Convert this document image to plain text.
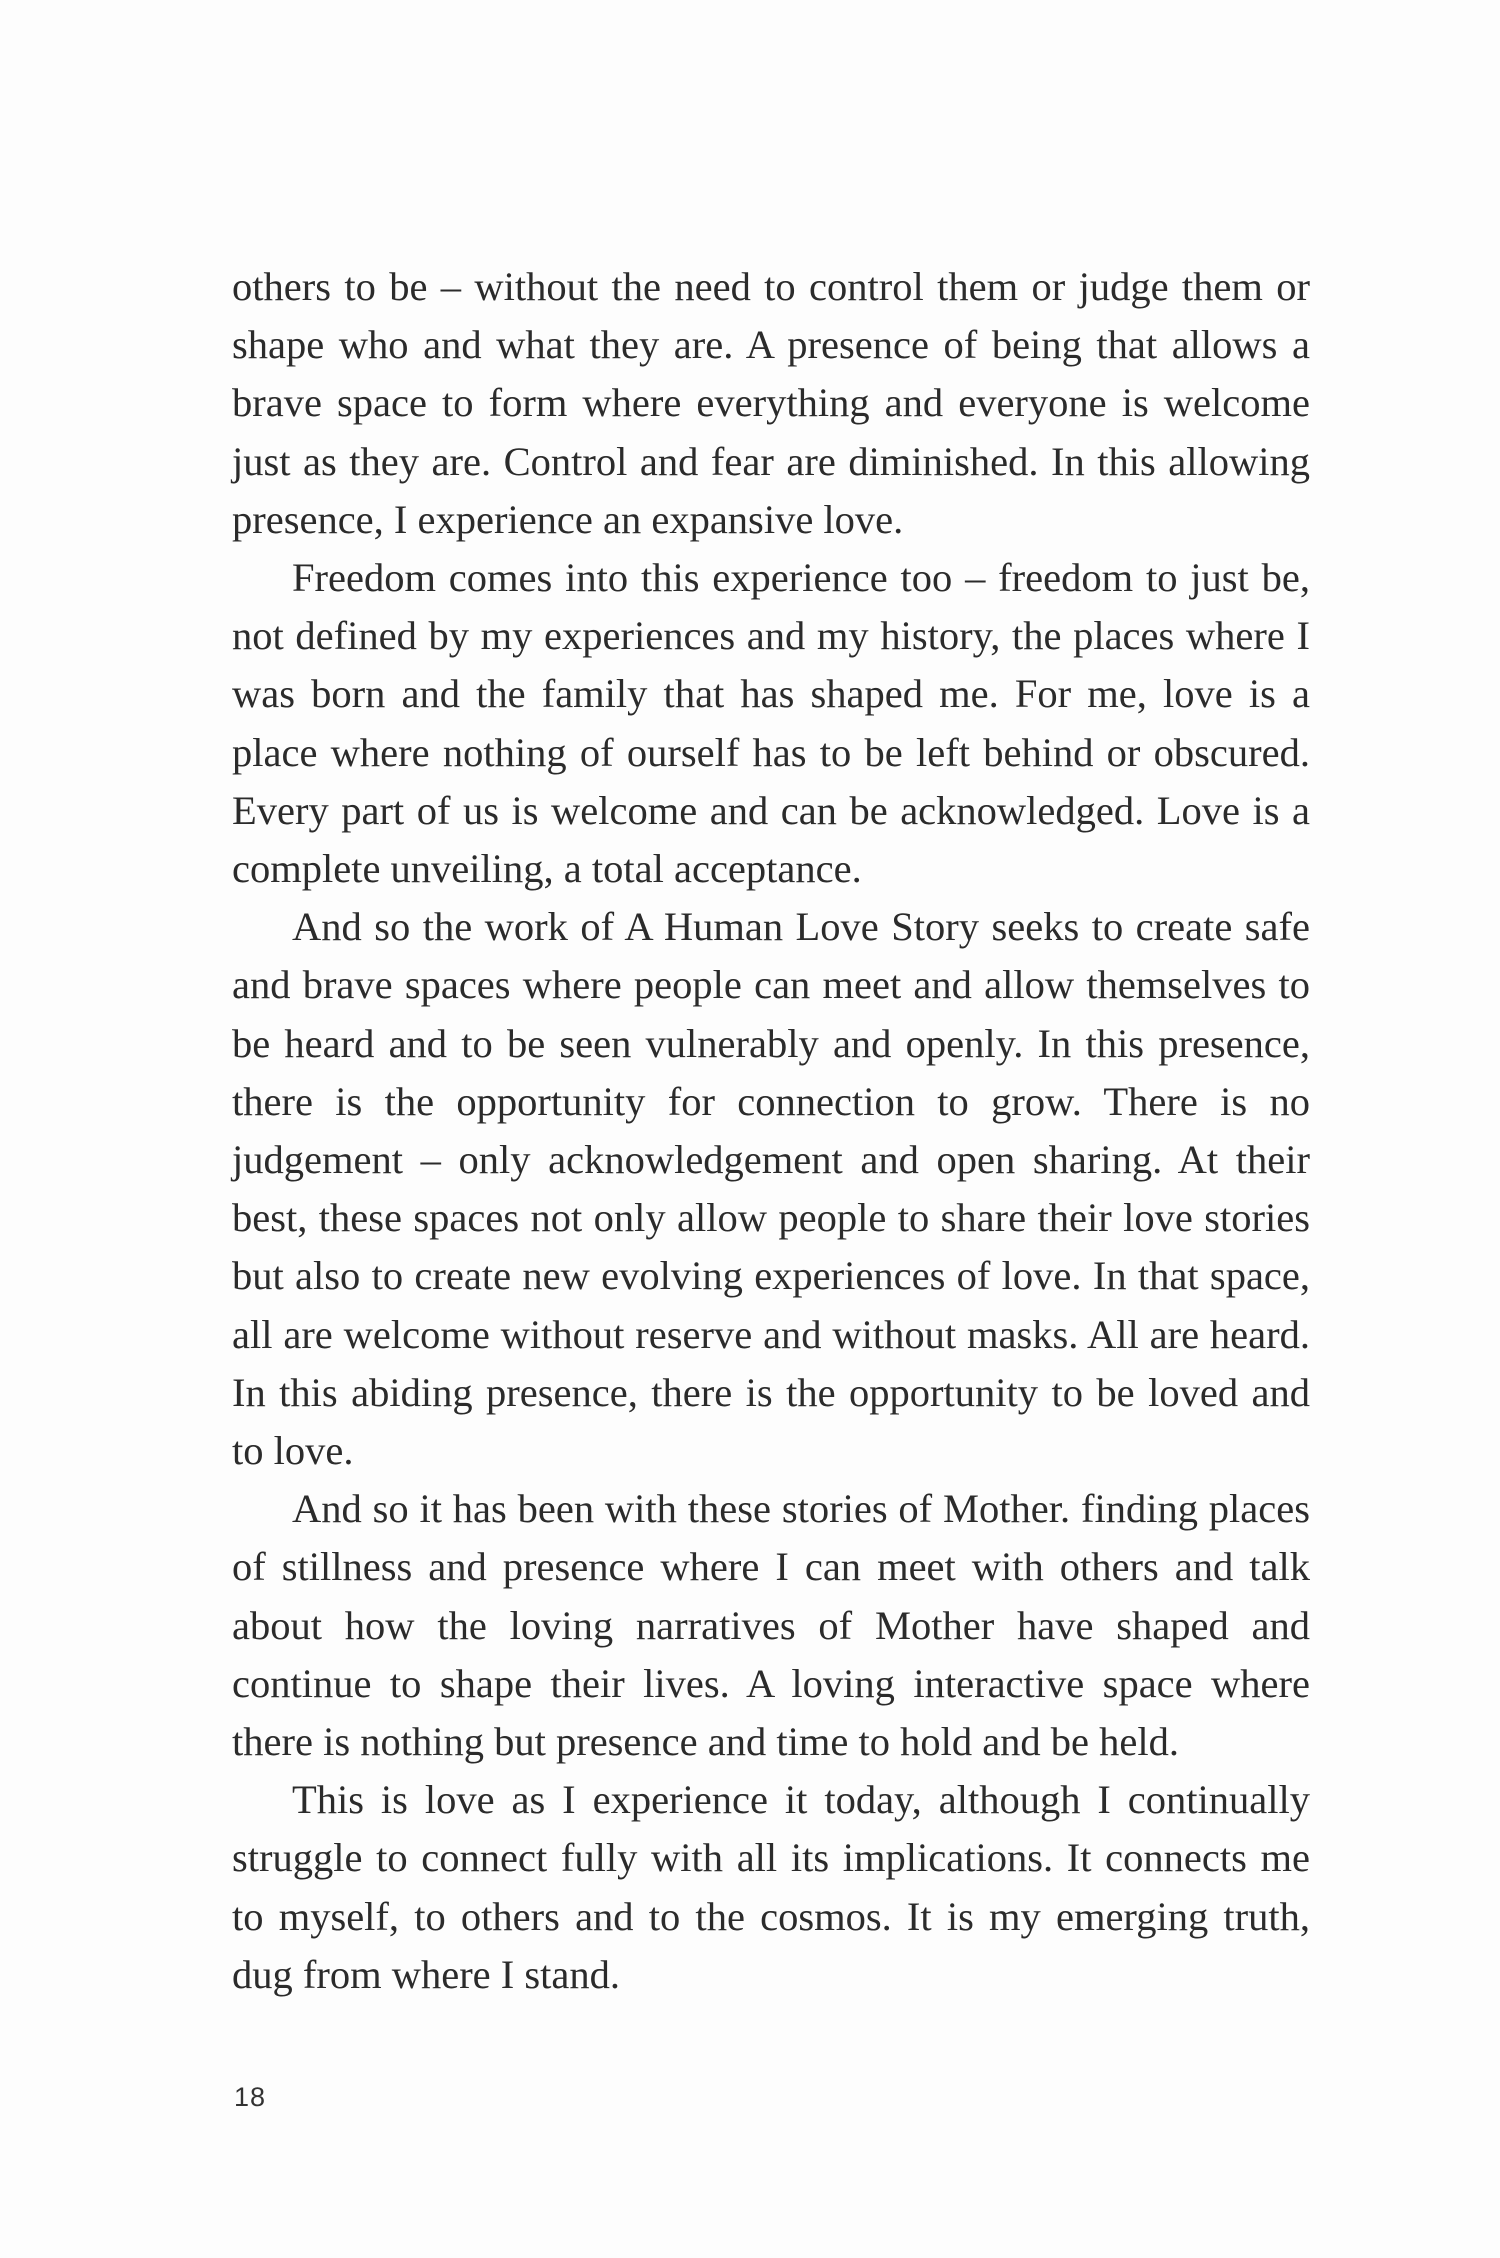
others to be – without the need to control them or judge them or shape who and what they are. A presence of being that allows a brave space to form where everything and everyone is welcome just as they are. Control and fear are diminished. In this allowing presence, I experience an expansive love.

Freedom comes into this experience too – freedom to just be, not defined by my experiences and my history, the places where I was born and the family that has shaped me. For me, love is a place where nothing of ourself has to be left behind or obscured. Every part of us is welcome and can be acknowledged. Love is a complete unveiling, a total acceptance.

And so the work of A Human Love Story seeks to create safe and brave spaces where people can meet and allow themselves to be heard and to be seen vulnerably and openly. In this presence, there is the opportunity for connection to grow. There is no judgement – only acknowledgement and open sharing. At their best, these spaces not only allow people to share their love stories but also to create new evolving experiences of love. In that space, all are welcome without reserve and without masks. All are heard. In this abiding presence, there is the opportunity to be loved and to love.

And so it has been with these stories of Mother. finding places of stillness and presence where I can meet with others and talk about how the loving narratives of Mother have shaped and continue to shape their lives. A loving interactive space where there is nothing but presence and time to hold and be held.

This is love as I experience it today, although I continually struggle to connect fully with all its implications. It connects me to myself, to others and to the cosmos. It is my emerging truth, dug from where I stand.

18
